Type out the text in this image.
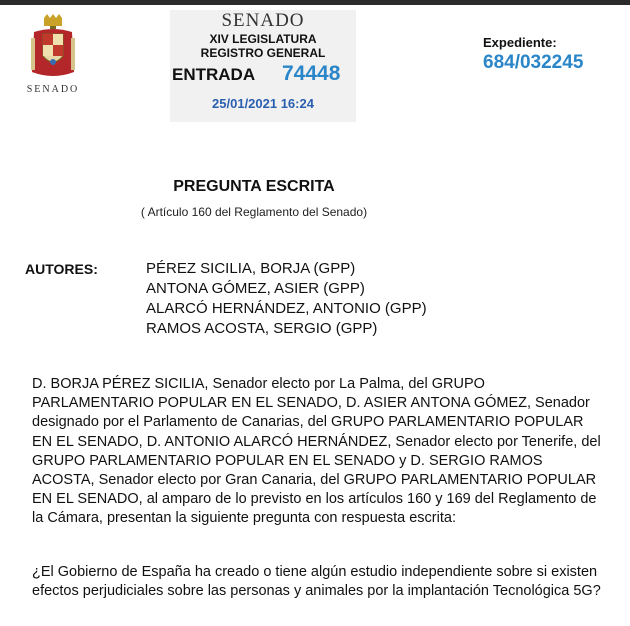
SENADO
SENADO
XIV LEGISLATURA
REGISTRO GENERAL
ENTRADA 74448
25/01/2021 16:24
Expediente:
684/032245
PREGUNTA ESCRITA
( Artículo 160 del Reglamento del Senado)
AUTORES:	PÉREZ SICILIA, BORJA (GPP)
ANTONA GÓMEZ, ASIER (GPP)
ALARCÓ HERNÁNDEZ, ANTONIO (GPP)
RAMOS ACOSTA, SERGIO (GPP)

D. BORJA PÉREZ SICILIA, Senador electo por La Palma, del GRUPO PARLAMENTARIO POPULAR EN EL SENADO, D. ASIER ANTONA GÓMEZ, Senador designado por el Parlamento de Canarias, del GRUPO PARLAMENTARIO POPULAR EN EL SENADO, D. ANTONIO ALARCÓ HERNÁNDEZ, Senador electo por Tenerife, del GRUPO PARLAMENTARIO POPULAR EN EL SENADO y D. SERGIO RAMOS ACOSTA, Senador electo por Gran Canaria, del GRUPO PARLAMENTARIO POPULAR EN EL SENADO, al amparo de lo previsto en los artículos 160 y 169 del Reglamento de la Cámara, presentan la siguiente pregunta con respuesta escrita:

¿El Gobierno de España ha creado o tiene algún estudio independiente sobre si existen efectos perjudiciales sobre las personas y animales por la implantación Tecnológica 5G?
